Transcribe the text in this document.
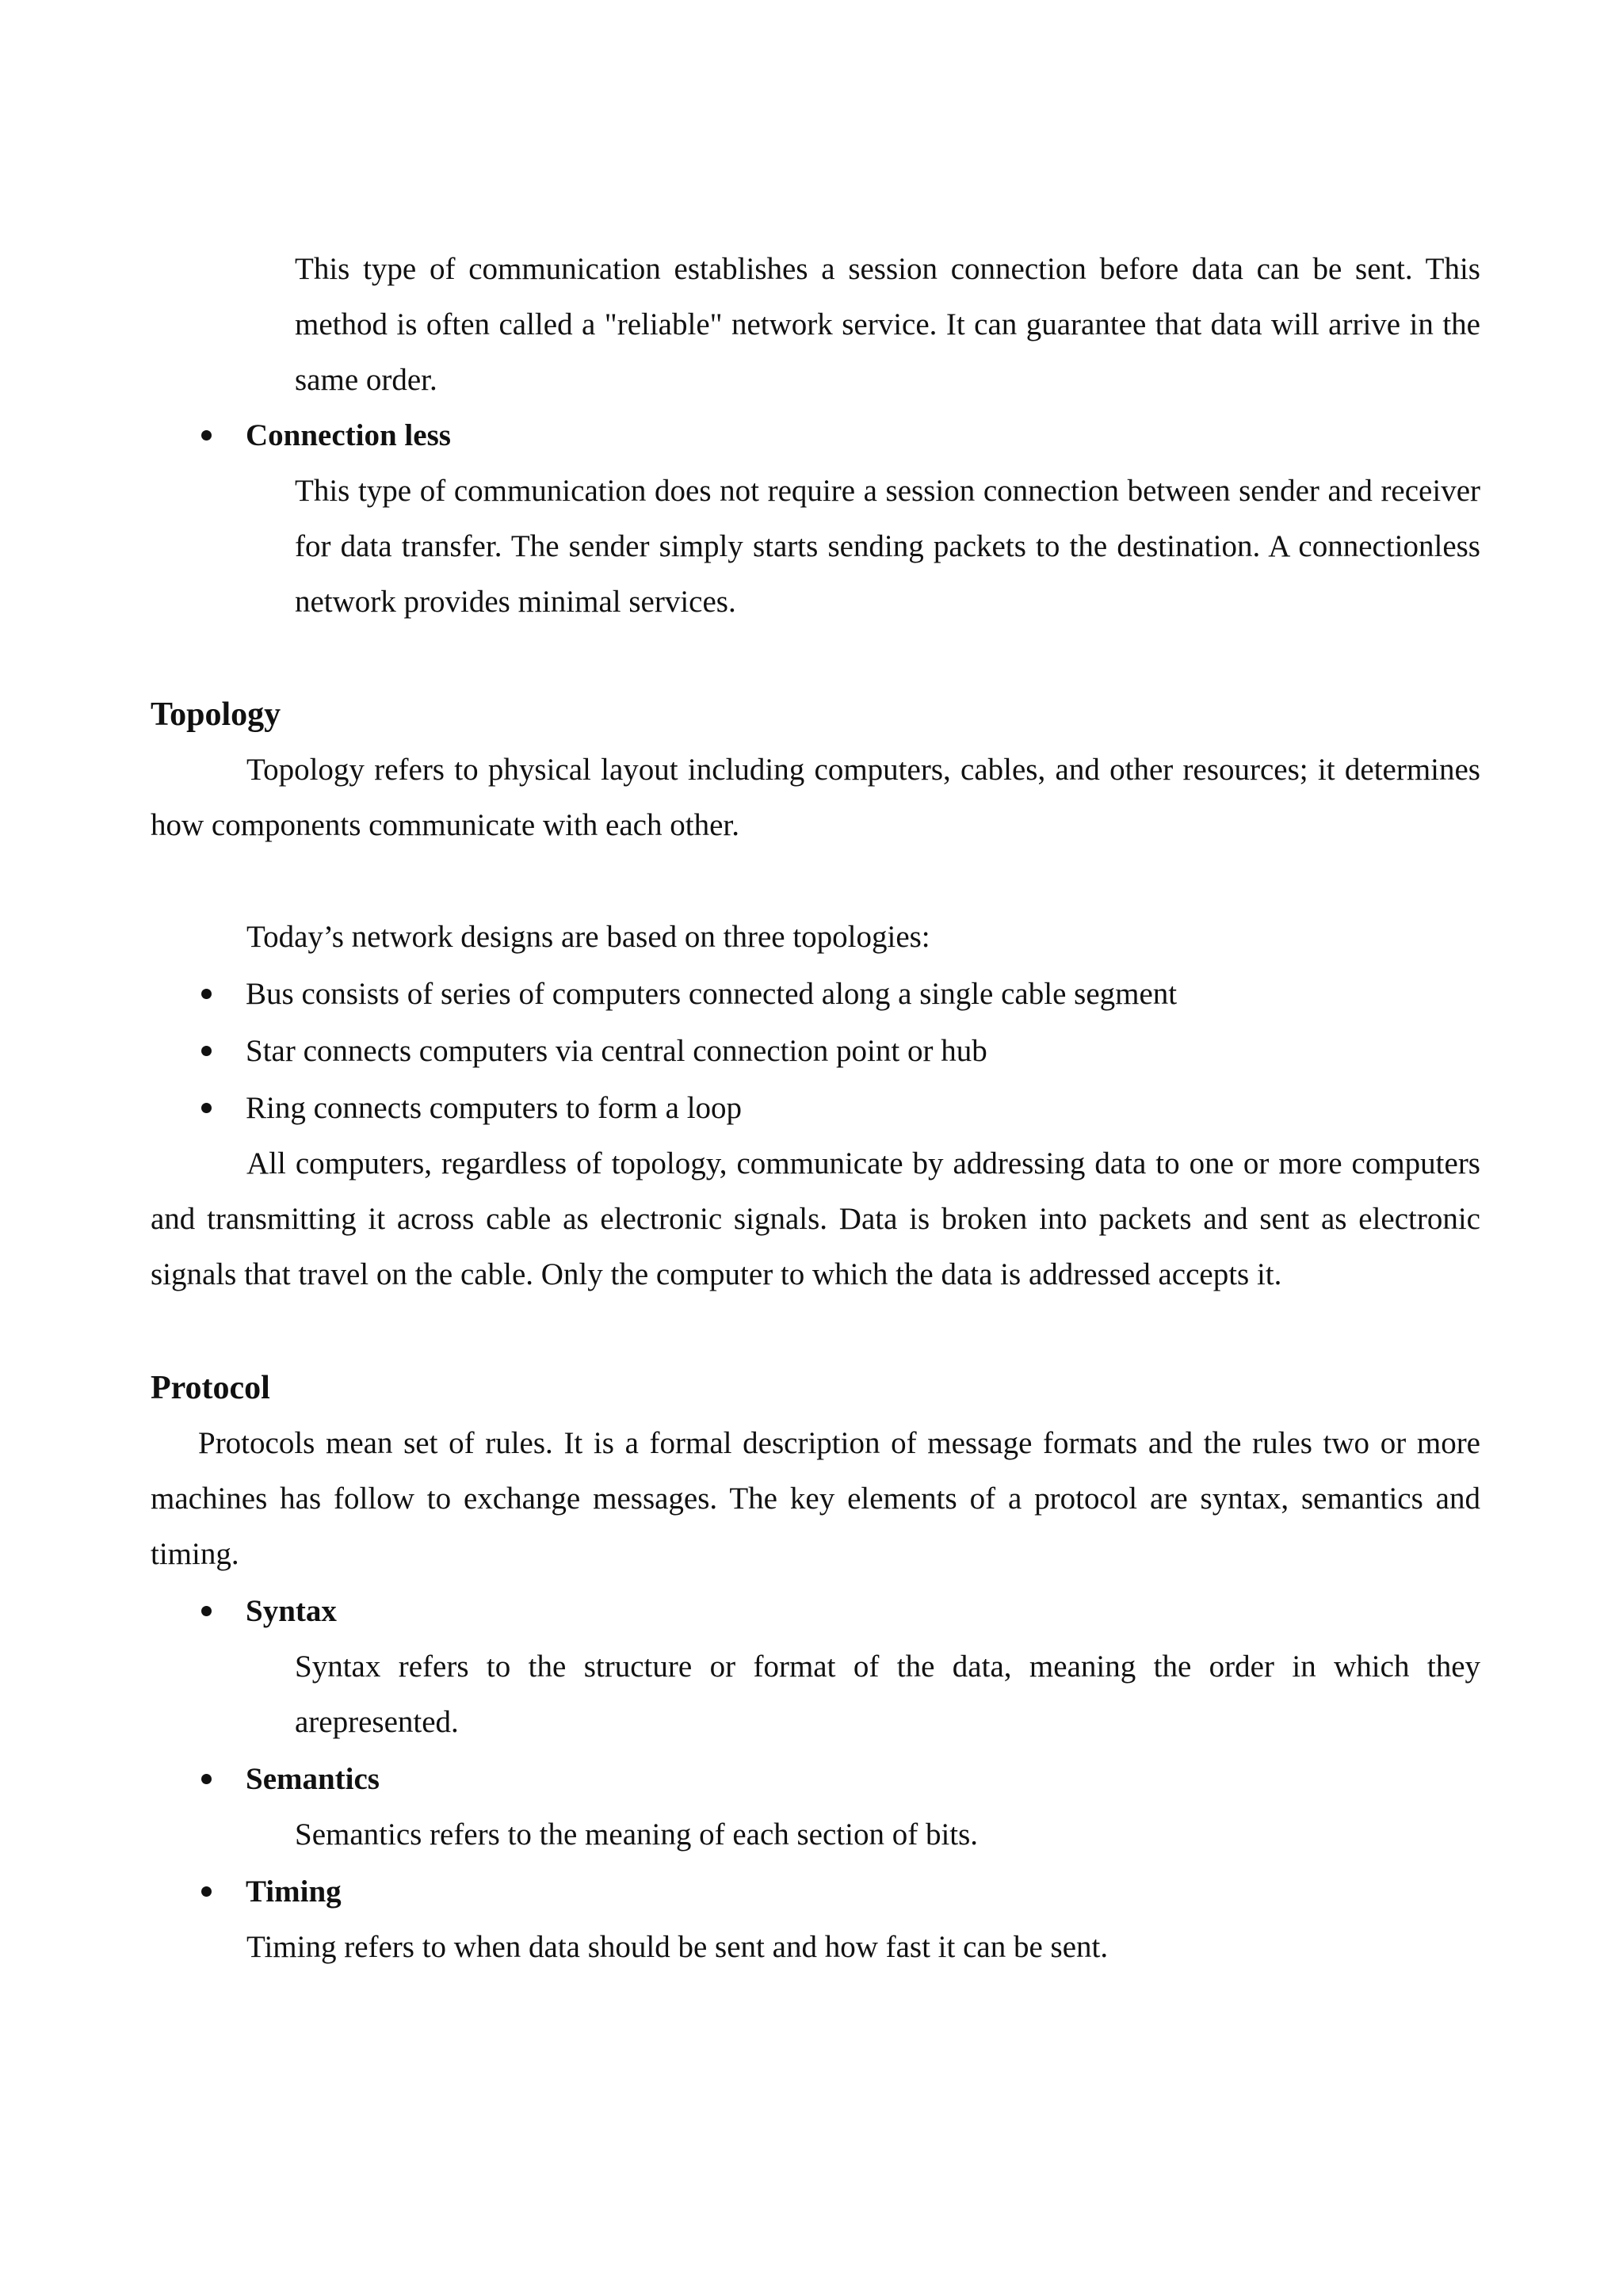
This type of communication establishes a session connection before data can be sent. This method is often called a "reliable" network service. It can guarantee that data will arrive in the same order.

Connection less

This type of communication does not require a session connection between sender and receiver for data transfer. The sender simply starts sending packets to the destination. A connectionless network provides minimal services.

Topology

Topology refers to physical layout including computers, cables, and other resources; it determines how components communicate with each other.

Today’s network designs are based on three topologies:

Bus consists of series of computers connected along a single cable segment

Star connects computers via central connection point or hub

Ring connects computers to form a loop

All computers, regardless of topology, communicate by addressing data to one or more computers and transmitting it across cable as electronic signals. Data is broken into packets and sent as electronic signals that travel on the cable. Only the computer to which the data is addressed accepts it.

Protocol

Protocols mean set of rules. It is a formal description of message formats and the rules two or more machines has follow to exchange messages. The key elements of a protocol are syntax, semantics and timing.

Syntax

Syntax refers to the structure or format of the data, meaning the order in which they arepresented.

Semantics

Semantics refers to the meaning of each section of bits.

Timing

Timing refers to when data should be sent and how fast it can be sent.
